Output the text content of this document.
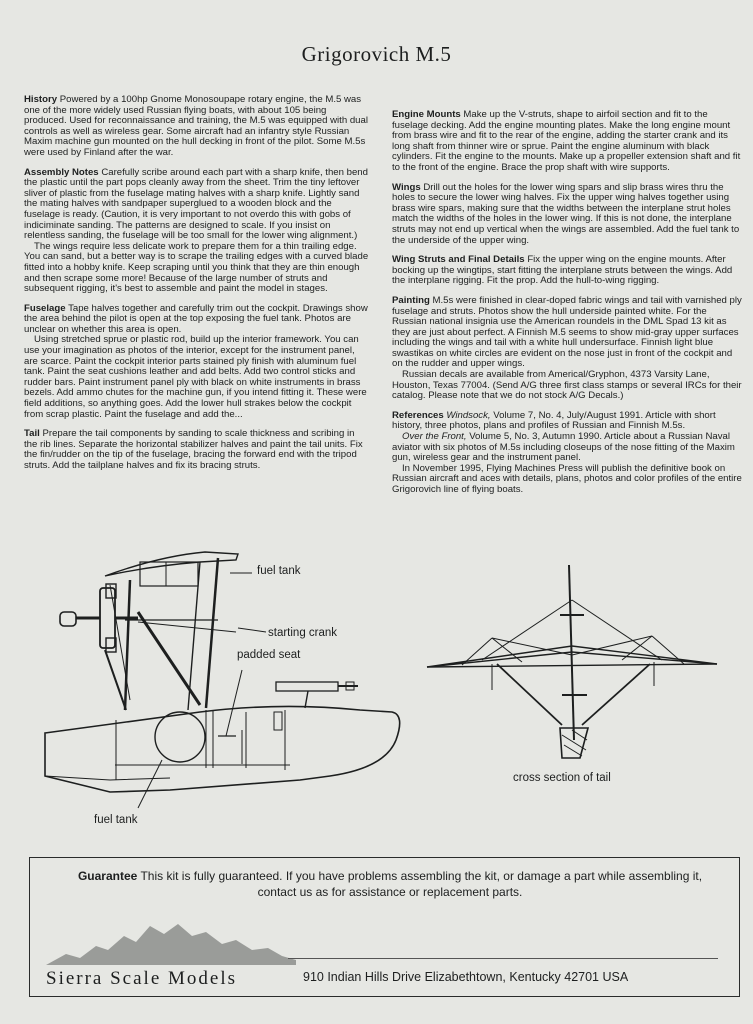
Grigorovich M.5

History Powered by a 100hp Gnome Monosoupape rotary engine, the M.5 was one of the more widely used Russian flying boats, with about 105 being produced. Used for reconnaissance and training, the M.5 was equipped with dual controls as well as wireless gear. Some aircraft had an infantry style Russian Maxim machine gun mounted on the hull decking in front of the pilot. Some M.5s were used by Finland after the war.

Assembly Notes Carefully scribe around each part with a sharp knife, then bend the plastic until the part pops cleanly away from the sheet. Trim the tiny leftover sliver of plastic from the fuselage mating halves with a sharp knife. Lightly sand the mating halves with sandpaper superglued to a wooden block and the fuselage is ready. (Caution, it is very important to not overdo this with gobs of indiciminate sanding. The patterns are designed to scale. If you insist on relentless sanding, the fuselage will be too small for the lower wing alignment.)

The wings require less delicate work to prepare them for a thin trailing edge. You can sand, but a better way is to scrape the trailing edges with a curved blade fitted into a hobby knife. Keep scraping until you think that they are thin enough and then scrape some more! Because of the large number of struts and subsequent rigging, it's best to assemble and paint the model in stages.

Fuselage Tape halves together and carefully trim out the cockpit. Drawings show the area behind the pilot is open at the top exposing the fuel tank. Photos are unclear on whether this area is open.

Using stretched sprue or plastic rod, build up the interior framework. You can use your imagination as photos of the interior, except for the instrument panel, are scarce. Paint the cockpit interior parts stained ply finish with aluminum fuel tank. Paint the seat cushions leather and add belts. Add two control sticks and rudder bars. Paint instrument panel ply with black on white instruments in brass bezels. Add ammo chutes for the machine gun, if you intend fitting it. These were field additions, so anything goes. Add the lower hull strakes below the cockpit from scrap plastic. Paint the fuselage and add the...

Tail Prepare the tail components by sanding to scale thickness and scribing in the rib lines. Separate the horizontal stabilizer halves and paint the tail units. Fix the fin/rudder on the tip of the fuselage, bracing the forward end with the tripod struts. Add the tailplane halves and fix its bracing struts.

Engine Mounts Make up the V-struts, shape to airfoil section and fit to the fuselage decking. Add the engine mounting plates. Make the long engine mount from brass wire and fit to the rear of the engine, adding the starter crank and its long shaft from thinner wire or sprue. Paint the engine aluminum with black cylinders. Fit the engine to the mounts. Make up a propeller extension shaft and fit to the front of the engine. Brace the prop shaft with wire supports.

Wings Drill out the holes for the lower wing spars and slip brass wires thru the holes to secure the lower wing halves. Fix the upper wing halves together using brass wire spars, making sure that the widths between the interplane strut holes match the widths of the holes in the lower wing. If this is not done, the interplane struts may not end up vertical when the wings are assembled. Add the fuel tank to the underside of the upper wing.

Wing Struts and Final Details Fix the upper wing on the engine mounts. After bocking up the wingtips, start fitting the interplane struts between the wings. Add the interplane rigging. Fit the prop. Add the hull-to-wing rigging.

Painting M.5s were finished in clear-doped fabric wings and tail with varnished ply fuselage and struts. Photos show the hull underside painted white. For the Russian national insignia use the American roundels in the DML Spad 13 kit as they are just about perfect. A Finnish M.5 seems to show mid-gray upper surfaces including the wings and tail with a white hull undersurface. Finnish light blue swastikas on white circles are evident on the nose just in front of the cockpit and on the rudder and upper wings.

Russian decals are available from Americal/Gryphon, 4373 Varsity Lane, Houston, Texas 77004. (Send A/G three first class stamps or several IRCs for their catalog. Please note that we do not stock A/G Decals.)

References Windsock, Volume 7, No. 4, July/August 1991. Article with short history, three photos, plans and profiles of Russian and Finnish M.5s.

Over the Front, Volume 5, No. 3, Autumn 1990. Article about a Russian Naval aviator with six photos of M.5s including closeups of the nose fitting of the Maxim gun, wireless gear and the instrument panel.

In November 1995, Flying Machines Press will publish the definitive book on Russian aircraft and aces with details, plans, photos and color profiles of the entire Grigorovich line of flying boats.

fuel tank
starting crank
padded seat
fuel tank
cross section of tail
Guarantee This kit is fully guaranteed. If you have problems assembling the kit, or damage a part while assembling it, contact us as for assistance or replacement parts.
Sierra Scale Models	910 Indian Hills Drive Elizabethtown, Kentucky 42701 USA
